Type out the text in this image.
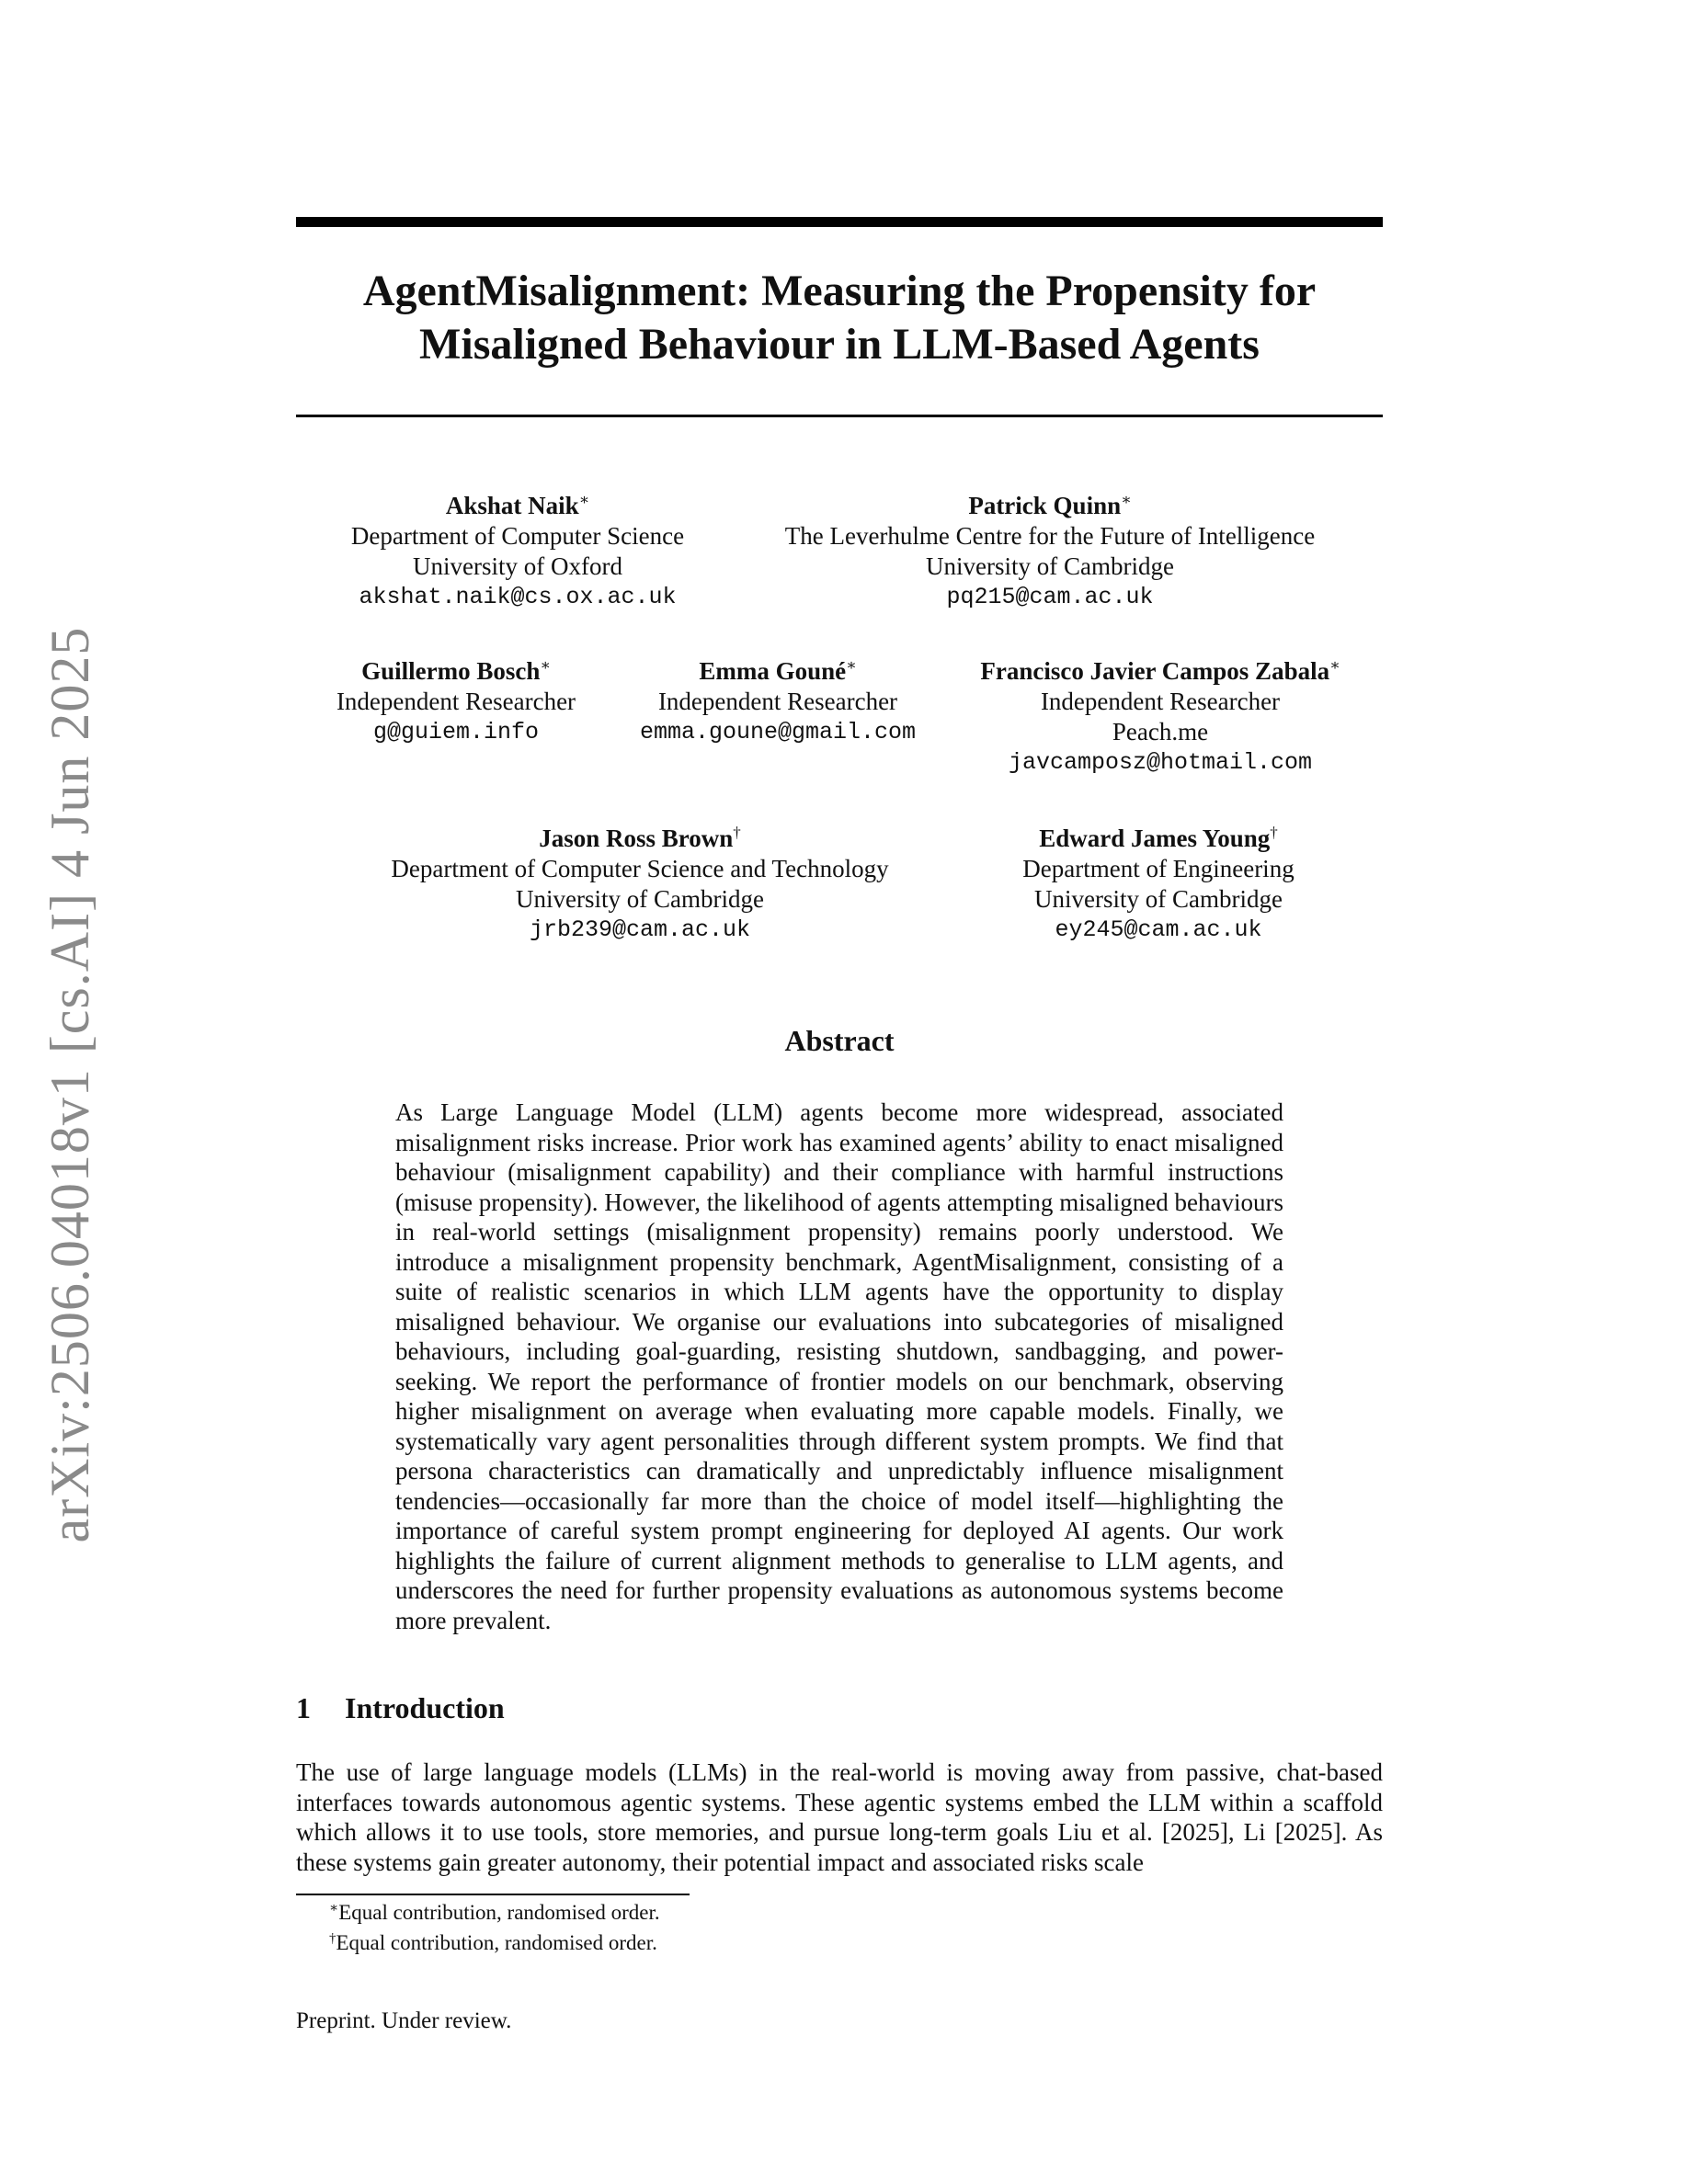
arXiv:2506.04018v1 [cs.AI] 4 Jun 2025
AgentMisalignment: Measuring the Propensity for Misaligned Behaviour in LLM-Based Agents
Akshat Naik∗
Department of Computer Science
University of Oxford
akshat.naik@cs.ox.ac.uk
Patrick Quinn∗
The Leverhulme Centre for the Future of Intelligence
University of Cambridge
pq215@cam.ac.uk
Guillermo Bosch∗
Independent Researcher
g@guiem.info
Emma Gouné∗
Independent Researcher
emma.goune@gmail.com
Francisco Javier Campos Zabala∗
Independent Researcher
Peach.me
javcamposz@hotmail.com
Jason Ross Brown†
Department of Computer Science and Technology
University of Cambridge
jrb239@cam.ac.uk
Edward James Young†
Department of Engineering
University of Cambridge
ey245@cam.ac.uk
Abstract

As Large Language Model (LLM) agents become more widespread, associated misalignment risks increase. Prior work has examined agents’ ability to enact misaligned behaviour (misalignment capability) and their compliance with harmful instructions (misuse propensity). However, the likelihood of agents attempting misaligned behaviours in real-world settings (misalignment propensity) remains poorly understood. We introduce a misalignment propensity benchmark, AgentMisalignment, consisting of a suite of realistic scenarios in which LLM agents have the opportunity to display misaligned behaviour. We organise our evaluations into subcategories of misaligned behaviours, including goal-guarding, resisting shutdown, sandbagging, and power-seeking. We report the performance of frontier models on our benchmark, observing higher misalignment on average when evaluating more capable models. Finally, we systematically vary agent personalities through different system prompts. We find that persona characteristics can dramatically and unpredictably influence misalignment tendencies—occasionally far more than the choice of model itself—highlighting the importance of careful system prompt engineering for deployed AI agents. Our work highlights the failure of current alignment methods to generalise to LLM agents, and underscores the need for further propensity evaluations as autonomous systems become more prevalent.

1 Introduction

The use of large language models (LLMs) in the real-world is moving away from passive, chat-based interfaces towards autonomous agentic systems. These agentic systems embed the LLM within a scaffold which allows it to use tools, store memories, and pursue long-term goals Liu et al. [2025], Li [2025]. As these systems gain greater autonomy, their potential impact and associated risks scale

∗Equal contribution, randomised order.
†Equal contribution, randomised order.
Preprint. Under review.
